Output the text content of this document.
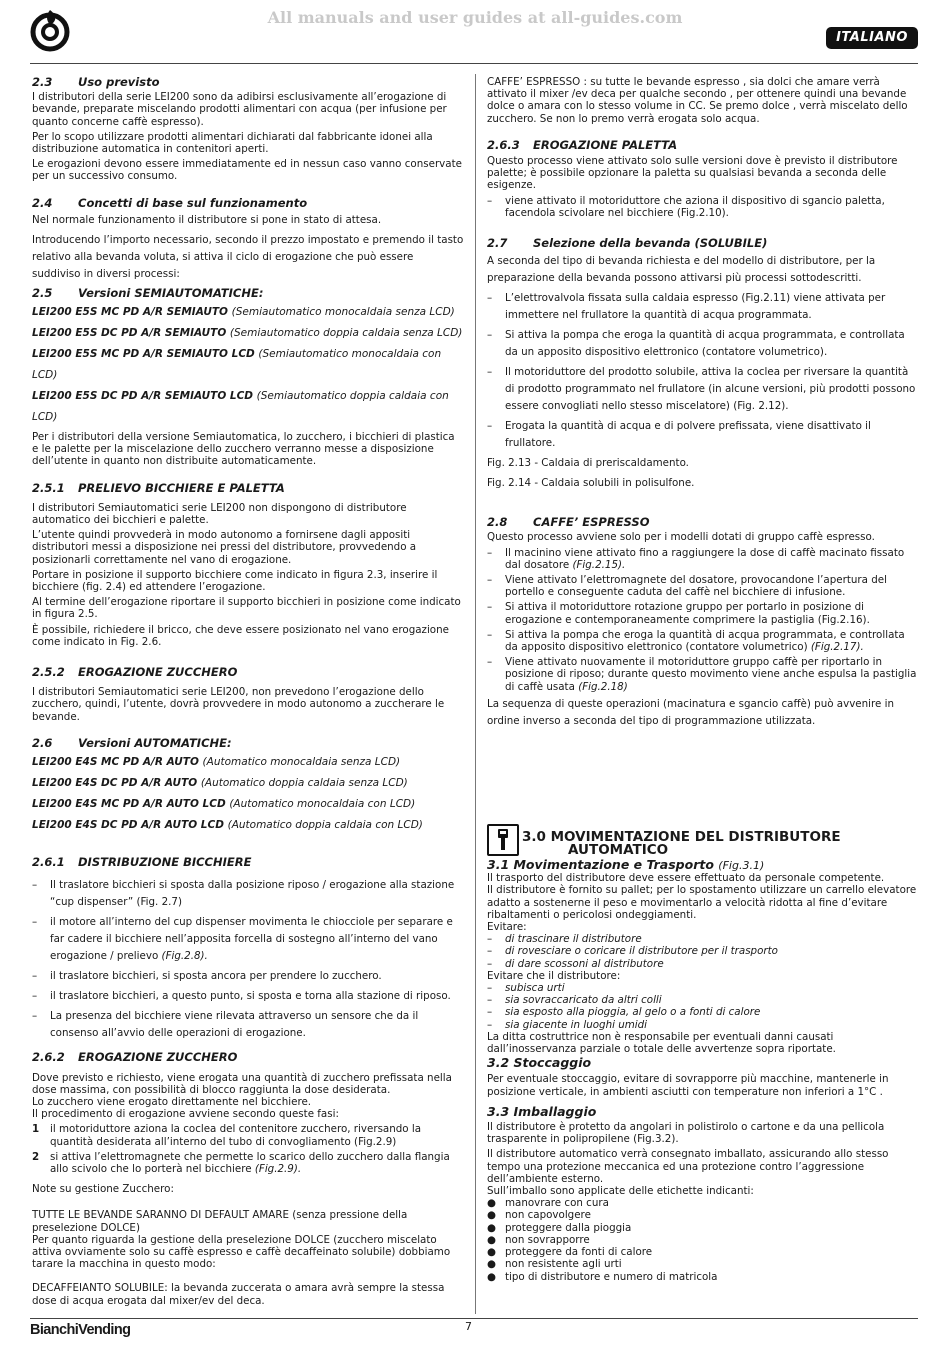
All manuals and user guides at all-guides.com
ITALIANO

2.3 Uso previsto

I distributori della serie LEI200 sono da adibirsi esclusivamente all’erogazione di bevande, preparate miscelando prodotti alimentari con acqua (per infusione per quanto concerne caffè espresso).

Per lo scopo utilizzare prodotti alimentari dichiarati dal fabbricante idonei alla distribuzione automatica in contenitori aperti.

Le erogazioni devono essere immediatamente ed in nessun caso vanno conservate per un successivo consumo.

2.4 Concetti di base sul funzionamento

Nel normale funzionamento il distributore si pone in stato di attesa.

Introducendo l’importo necessario, secondo il prezzo impostato e premendo il tasto relativo alla bevanda voluta, si attiva il ciclo di erogazione che può essere suddiviso in diversi processi:

2.5 Versioni SEMIAUTOMATICHE:

LEI200 E5S MC PD A/R SEMIAUTO (Semiautomatico monocaldaia senza LCD)
LEI200 E5S DC PD A/R SEMIAUTO (Semiautomatico doppia caldaia senza LCD)
LEI200 E5S MC PD A/R SEMIAUTO LCD (Semiautomatico monocaldaia con LCD)
LEI200 E5S DC PD A/R SEMIAUTO LCD (Semiautomatico doppia caldaia con LCD)

Per i distributori della versione Semiautomatica, lo zucchero, i bicchieri di plastica e le palette per la miscelazione dello zucchero verranno messe a disposizione dell’utente in quanto non distribuite automaticamente.

2.5.1 PRELIEVO BICCHIERE E PALETTA

I distributori Semiautomatici serie LEI200 non dispongono di distributore automatico dei bicchieri e palette.

L’utente quindi provvederà in modo autonomo a fornirsene dagli appositi distributori messi a disposizione nei pressi del distributore, provvedendo a posizionarli correttamente nel vano di erogazione.

Portare in posizione il supporto bicchiere come indicato in figura 2.3, inserire il bicchiere (fig. 2.4) ed attendere l’erogazione.

Al termine dell’erogazione riportare il supporto bicchieri in posizione come indicato in figura 2.5.

È possibile, richiedere il bricco, che deve essere posizionato nel vano erogazione come indicato in Fig. 2.6.

2.5.2 EROGAZIONE ZUCCHERO

I distributori Semiautomatici serie LEI200, non prevedono l’erogazione dello zucchero, quindi, l’utente, dovrà provvedere in modo autonomo a zuccherare le bevande.

2.6 Versioni AUTOMATICHE:

LEI200 E4S MC PD A/R AUTO (Automatico monocaldaia senza LCD)
LEI200 E4S DC PD A/R AUTO (Automatico doppia caldaia senza LCD)
LEI200 E4S MC PD A/R AUTO LCD (Automatico monocaldaia con LCD)
LEI200 E4S DC PD A/R AUTO LCD (Automatico doppia caldaia con LCD)

2.6.1 DISTRIBUZIONE BICCHIERE

– Il traslatore bicchieri si sposta dalla posizione riposo / erogazione alla stazione “cup dispenser” (Fig. 2.7)

– il motore all’interno del cup dispenser movimenta le chiocciole per separare e far cadere il bicchiere nell’apposita forcella di sostegno all’interno del vano erogazione / prelievo (Fig.2.8).

– il traslatore bicchieri, si sposta ancora per prendere lo zucchero.

– il traslatore bicchieri, a questo punto, si sposta e torna alla stazione di riposo.

– La presenza del bicchiere viene rilevata attraverso un sensore che da il consenso all’avvio delle operazioni di erogazione.

2.6.2 EROGAZIONE ZUCCHERO

Dove previsto e richiesto, viene erogata una quantità di zucchero prefissata nella dose massima, con possibilità di blocco raggiunta la dose desiderata.

Lo zucchero viene erogato direttamente nel bicchiere.

Il procedimento di erogazione avviene secondo queste fasi:

1 il motoriduttore aziona la coclea del contenitore zucchero, riversando la quantità desiderata all’interno del tubo di convogliamento (Fig.2.9)

2 si attiva l’elettromagnete che permette lo scarico dello zucchero dalla flangia allo scivolo che lo porterà nel bicchiere (Fig.2.9).

Note su gestione Zucchero:

TUTTE LE BEVANDE SARANNO DI DEFAULT AMARE (senza pressione della preselezione DOLCE)

Per quanto riguarda la gestione della preselezione DOLCE (zucchero miscelato attiva ovviamente solo su caffè espresso e caffè decaffeinato solubile) dobbiamo tarare la macchina in questo modo:

DECAFFEIANTO SOLUBILE: la bevanda zuccerata o amara avrà sempre la stessa dose di acqua erogata dal mixer/ev del deca.

CAFFE’ ESPRESSO : su tutte le bevande espresso , sia dolci che amare verrà attivato il mixer /ev deca per qualche secondo , per ottenere quindi una bevande dolce o amara con lo stesso volume in CC. Se premo dolce , verrà miscelato dello zucchero. Se non lo premo verrà erogata solo acqua.

2.6.3 EROGAZIONE PALETTA

Questo processo viene attivato solo sulle versioni dove è previsto il distributore palette; è possibile opzionare la paletta su qualsiasi bevanda a seconda delle esigenze.

– viene attivato il motoriduttore che aziona il dispositivo di sgancio paletta, facendola scivolare nel bicchiere (Fig.2.10).

2.7 Selezione della bevanda (SOLUBILE)

A seconda del tipo di bevanda richiesta e del modello di distributore, per la preparazione della bevanda possono attivarsi più processi sottodescritti.

– L’elettrovalvola fissata sulla caldaia espresso (Fig.2.11) viene attivata per immettere nel frullatore la quantità di acqua programmata.

– Si attiva la pompa che eroga la quantità di acqua programmata, e controllata da un apposito dispositivo elettronico (contatore volumetrico).

– Il motoriduttore del prodotto solubile, attiva la coclea per riversare la quantità di prodotto programmato nel frullatore (in alcune versioni, più prodotti possono essere convogliati nello stesso miscelatore) (Fig. 2.12).

– Erogata la quantità di acqua e di polvere prefissata, viene disattivato il frullatore.

Fig. 2.13 - Caldaia di preriscaldamento.

Fig. 2.14 - Caldaia solubili in polisulfone.

2.8 CAFFE’ ESPRESSO

Questo processo avviene solo per i modelli dotati di gruppo caffè espresso.

– Il macinino viene attivato fino a raggiungere la dose di caffè macinato fissato dal dosatore (Fig.2.15).

– Viene attivato l’elettromagnete del dosatore, provocandone l’apertura del portello e conseguente caduta del caffè nel bicchiere di infusione.

– Si attiva il motoriduttore rotazione gruppo per portarlo in posizione di erogazione e contemporaneamente comprimere la pastiglia (Fig.2.16).

– Si attiva la pompa che eroga la quantità di acqua programmata, e controllata da apposito dispositivo elettronico (contatore volumetrico) (Fig.2.17).

– Viene attivato nuovamente il motoriduttore gruppo caffè per riportarlo in posizione di riposo; durante questo movimento viene anche espulsa la pastiglia di caffè usata (Fig.2.18)

La sequenza di queste operazioni (macinatura e sgancio caffè) può avvenire in ordine inverso a seconda del tipo di programmazione utilizzata.

3.0 MOVIMENTAZIONE DEL DISTRIBUTORE

AUTOMATICO

3.1 Movimentazione e Trasporto (Fig.3.1)

Il trasporto del distributore deve essere effettuato da personale competente.

Il distributore è fornito su pallet; per lo spostamento utilizzare un carrello elevatore adatto a sostenerne il peso e movimentarlo a velocità ridotta al fine d’evitare ribaltamenti o pericolosi ondeggiamenti.

Evitare:

– di trascinare il distributore

– di rovesciare o coricare il distributore per il trasporto

– di dare scossoni al distributore

Evitare che il distributore:

– subisca urti

– sia sovraccaricato da altri colli

– sia esposto alla pioggia, al gelo o a fonti di calore

– sia giacente in luoghi umidi

La ditta costruttrice non è responsabile per eventuali danni causati dall’inosservanza parziale o totale delle avvertenze sopra riportate.

3.2 Stoccaggio

Per eventuale stoccaggio, evitare di sovrapporre più macchine, mantenerle in posizione verticale, in ambienti asciutti con temperature non inferiori a 1°C .

3.3 Imballaggio

Il distributore è protetto da angolari in polistirolo o cartone e da una pellicola trasparente in polipropilene (Fig.3.2).

Il distributore automatico verrà consegnato imballato, assicurando allo stesso tempo una protezione meccanica ed una protezione contro l’aggressione dell’ambiente esterno.

Sull’imballo sono applicate delle etichette indicanti:

● manovrare con cura

● non capovolgere

● proteggere dalla pioggia

● non sovrapporre

● proteggere da fonti di calore

● non resistente agli urti

● tipo di distributore e numero di matricola

BianchiVending	7
